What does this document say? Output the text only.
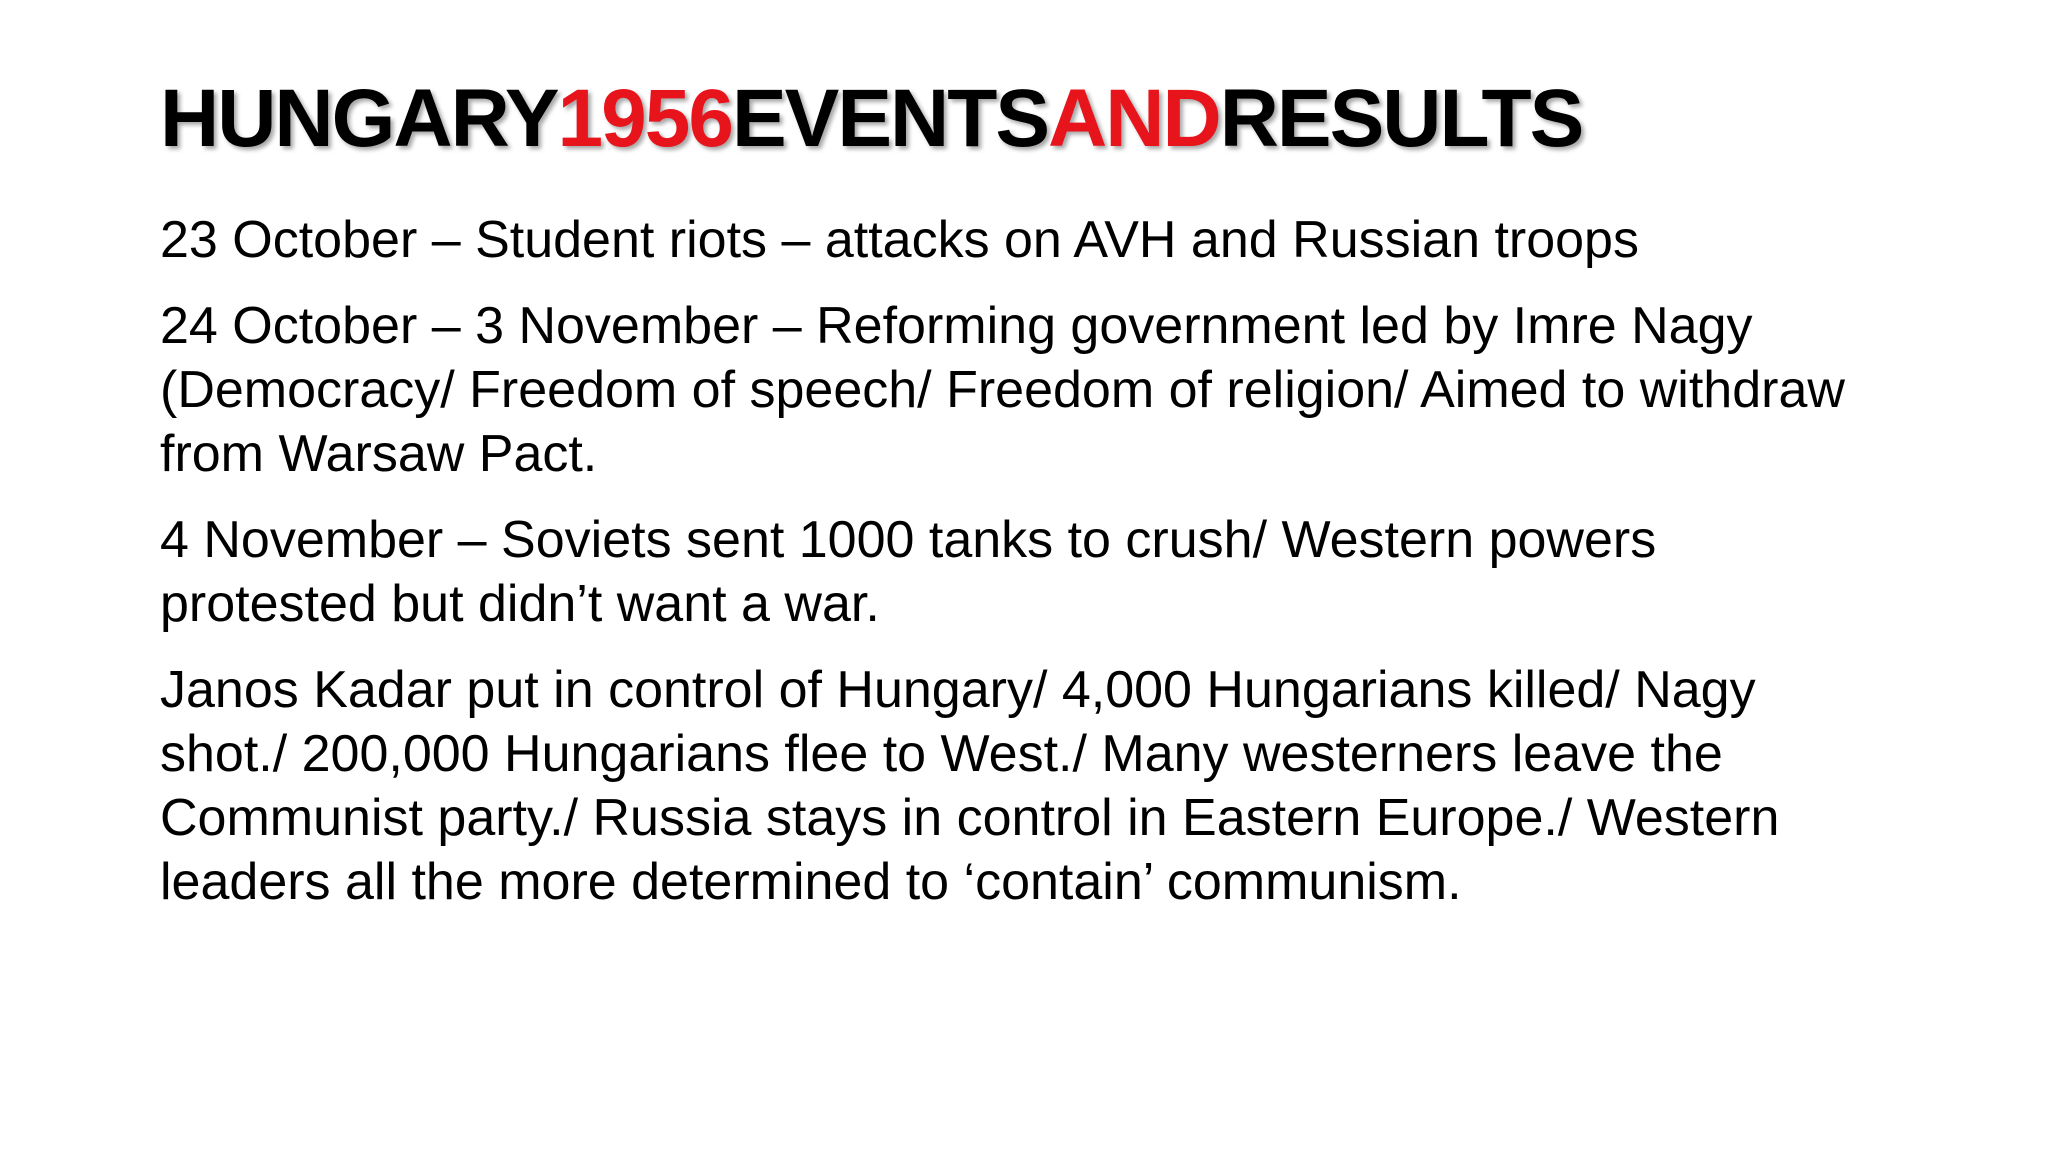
HUNGARY1956EVENTSANDRESULTS

23 October – Student riots – attacks on AVH and Russian troops

24 October – 3 November – Reforming government led by Imre Nagy (Democracy/ Freedom of speech/ Freedom of religion/ Aimed to withdraw from Warsaw Pact.

4 November – Soviets sent 1000 tanks to crush/ Western powers protested but didn’t want a war.

Janos Kadar put in control of Hungary/ 4,000 Hungarians killed/ Nagy shot./ 200,000 Hungarians flee to West./ Many westerners leave the Communist party./ Russia stays in control in Eastern Europe./ Western leaders all the more determined to ‘contain’ communism.
